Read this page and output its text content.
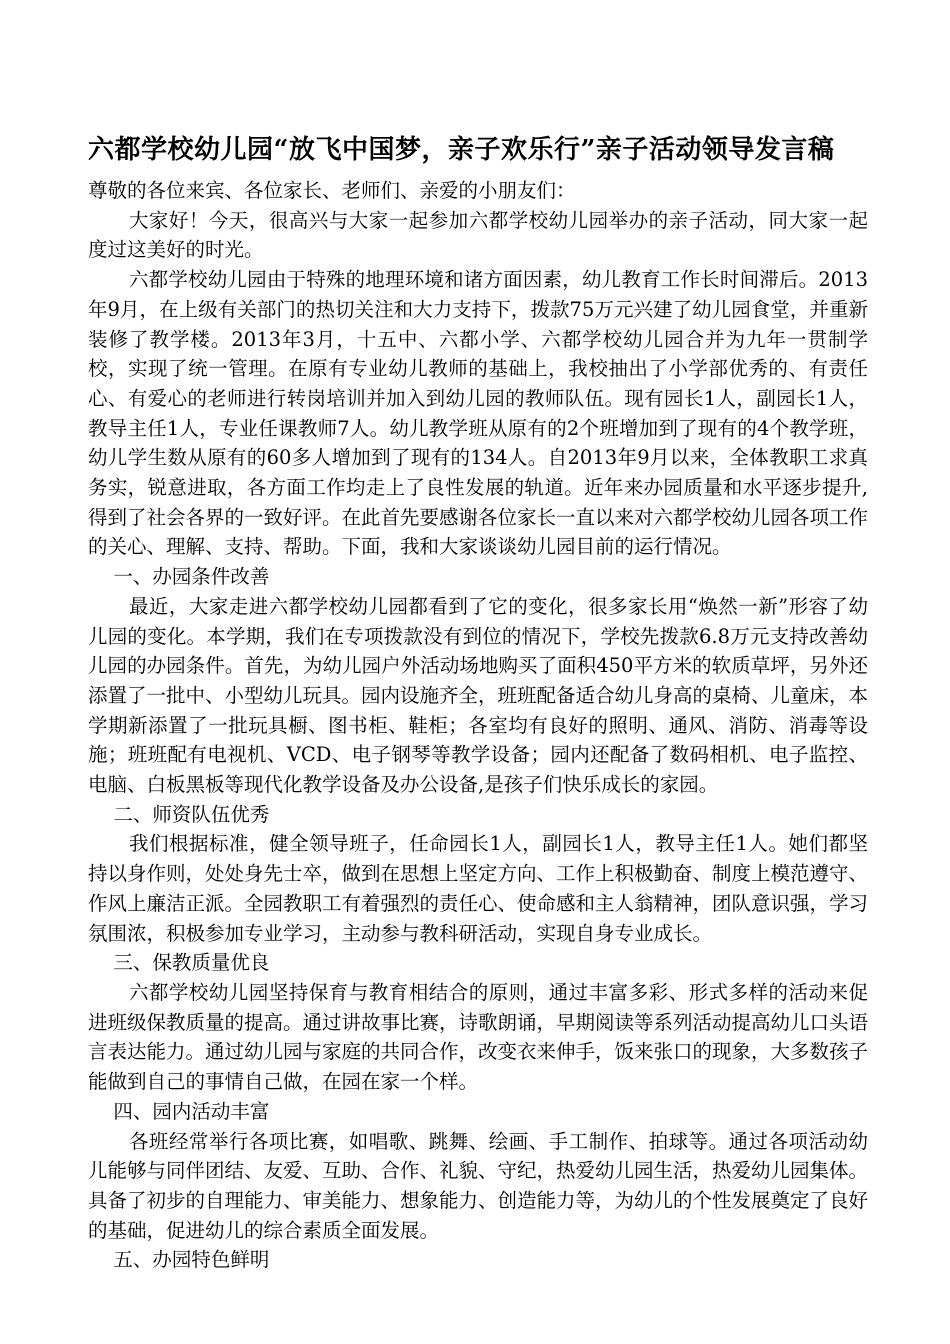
六都学校幼儿园“放飞中国梦，亲子欢乐行”亲子活动领导发言稿

尊敬的各位来宾、各位家长、老师们、亲爱的小朋友们：

大家好！今天，很高兴与大家一起参加六都学校幼儿园举办的亲子活动，同大家一起度过这美好的时光。

六都学校幼儿园由于特殊的地理环境和诸方面因素，幼儿教育工作长时间滞后。2013年9月，在上级有关部门的热切关注和大力支持下，拨款75万元兴建了幼儿园食堂，并重新装修了教学楼。2013年3月，十五中、六都小学、六都学校幼儿园合并为九年一贯制学校，实现了统一管理。在原有专业幼儿教师的基础上，我校抽出了小学部优秀的、有责任心、有爱心的老师进行转岗培训并加入到幼儿园的教师队伍。现有园长1人，副园长1人，教导主任1人，专业任课教师7人。幼儿教学班从原有的2个班增加到了现有的4个教学班，幼儿学生数从原有的60多人增加到了现有的134人。自2013年9月以来，全体教职工求真务实，锐意进取，各方面工作均走上了良性发展的轨道。近年来办园质量和水平逐步提升,得到了社会各界的一致好评。在此首先要感谢各位家长一直以来对六都学校幼儿园各项工作的关心、理解、支持、帮助。下面，我和大家谈谈幼儿园目前的运行情况。

一、办园条件改善

最近，大家走进六都学校幼儿园都看到了它的变化，很多家长用“焕然一新”形容了幼儿园的变化。本学期，我们在专项拨款没有到位的情况下，学校先拨款6.8万元支持改善幼儿园的办园条件。首先，为幼儿园户外活动场地购买了面积450平方米的软质草坪，另外还添置了一批中、小型幼儿玩具。园内设施齐全，班班配备适合幼儿身高的桌椅、儿童床，本学期新添置了一批玩具橱、图书柜、鞋柜；各室均有良好的照明、通风、消防、消毒等设施；班班配有电视机、VCD、电子钢琴等教学设备；园内还配备了数码相机、电子监控、电脑、白板黑板等现代化教学设备及办公设备,是孩子们快乐成长的家园。

二、师资队伍优秀

我们根据标准，健全领导班子，任命园长1人，副园长1人，教导主任1人。她们都坚持以身作则，处处身先士卒，做到在思想上坚定方向、工作上积极勤奋、制度上模范遵守、作风上廉洁正派。全园教职工有着强烈的责任心、使命感和主人翁精神，团队意识强，学习氛围浓，积极参加专业学习，主动参与教科研活动，实现自身专业成长。

三、保教质量优良

六都学校幼儿园坚持保育与教育相结合的原则，通过丰富多彩、形式多样的活动来促进班级保教质量的提高。通过讲故事比赛，诗歌朗诵，早期阅读等系列活动提高幼儿口头语言表达能力。通过幼儿园与家庭的共同合作，改变衣来伸手，饭来张口的现象，大多数孩子能做到自己的事情自己做，在园在家一个样。

四、园内活动丰富

各班经常举行各项比赛，如唱歌、跳舞、绘画、手工制作、拍球等。通过各项活动幼儿能够与同伴团结、友爱、互助、合作、礼貌、守纪，热爱幼儿园生活，热爱幼儿园集体。具备了初步的自理能力、审美能力、想象能力、创造能力等，为幼儿的个性发展奠定了良好的基础，促进幼儿的综合素质全面发展。

五、办园特色鲜明
